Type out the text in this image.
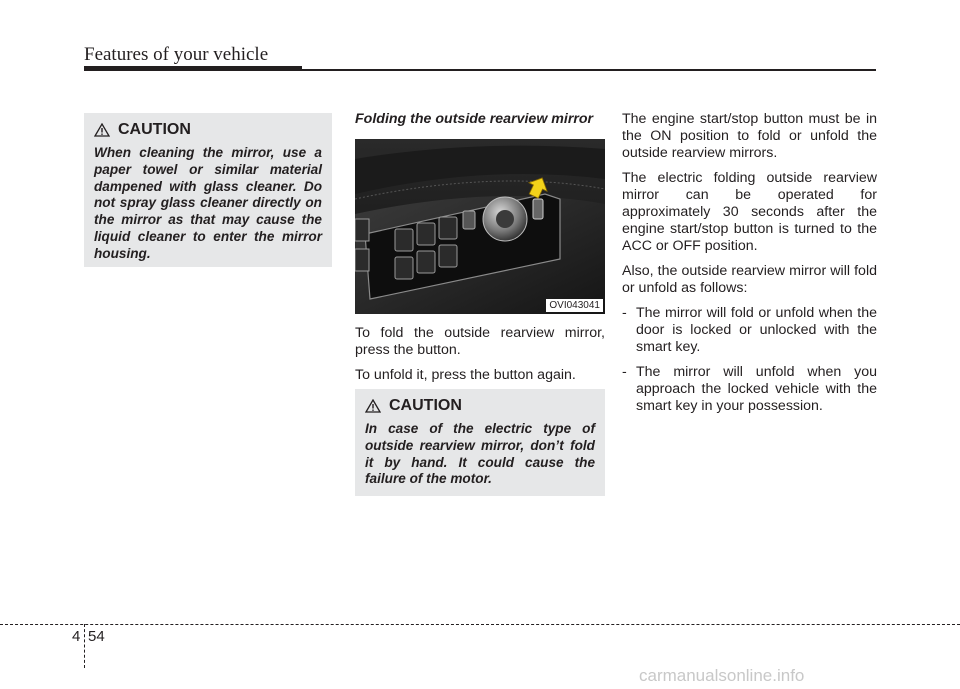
Features of your vehicle
CAUTION
When cleaning the mirror, use a paper towel or similar material dampened with glass cleaner. Do not spray glass cleaner directly on the mirror as that may cause the liquid cleaner to enter the mirror housing.
Folding the outside rearview mirror
OVI043041

To fold the outside rearview mirror, press the button.

To unfold it, press the button again.

CAUTION
In case of the electric type of outside rearview mirror, don’t fold it by hand. It could cause the failure of the motor.

The engine start/stop button must be in the ON position to fold or unfold the outside rearview mirrors.

The electric folding outside rearview mirror can be operated for approximately 30 seconds after the engine start/stop button is turned to the ACC or OFF position.

Also, the outside rearview mirror will fold or unfold as follows:

- The mirror will fold or unfold when the door is locked or unlocked with the smart key.
- The mirror will unfold when you approach the locked vehicle with the smart key in your possession.
4 54
carmanualsonline.info
